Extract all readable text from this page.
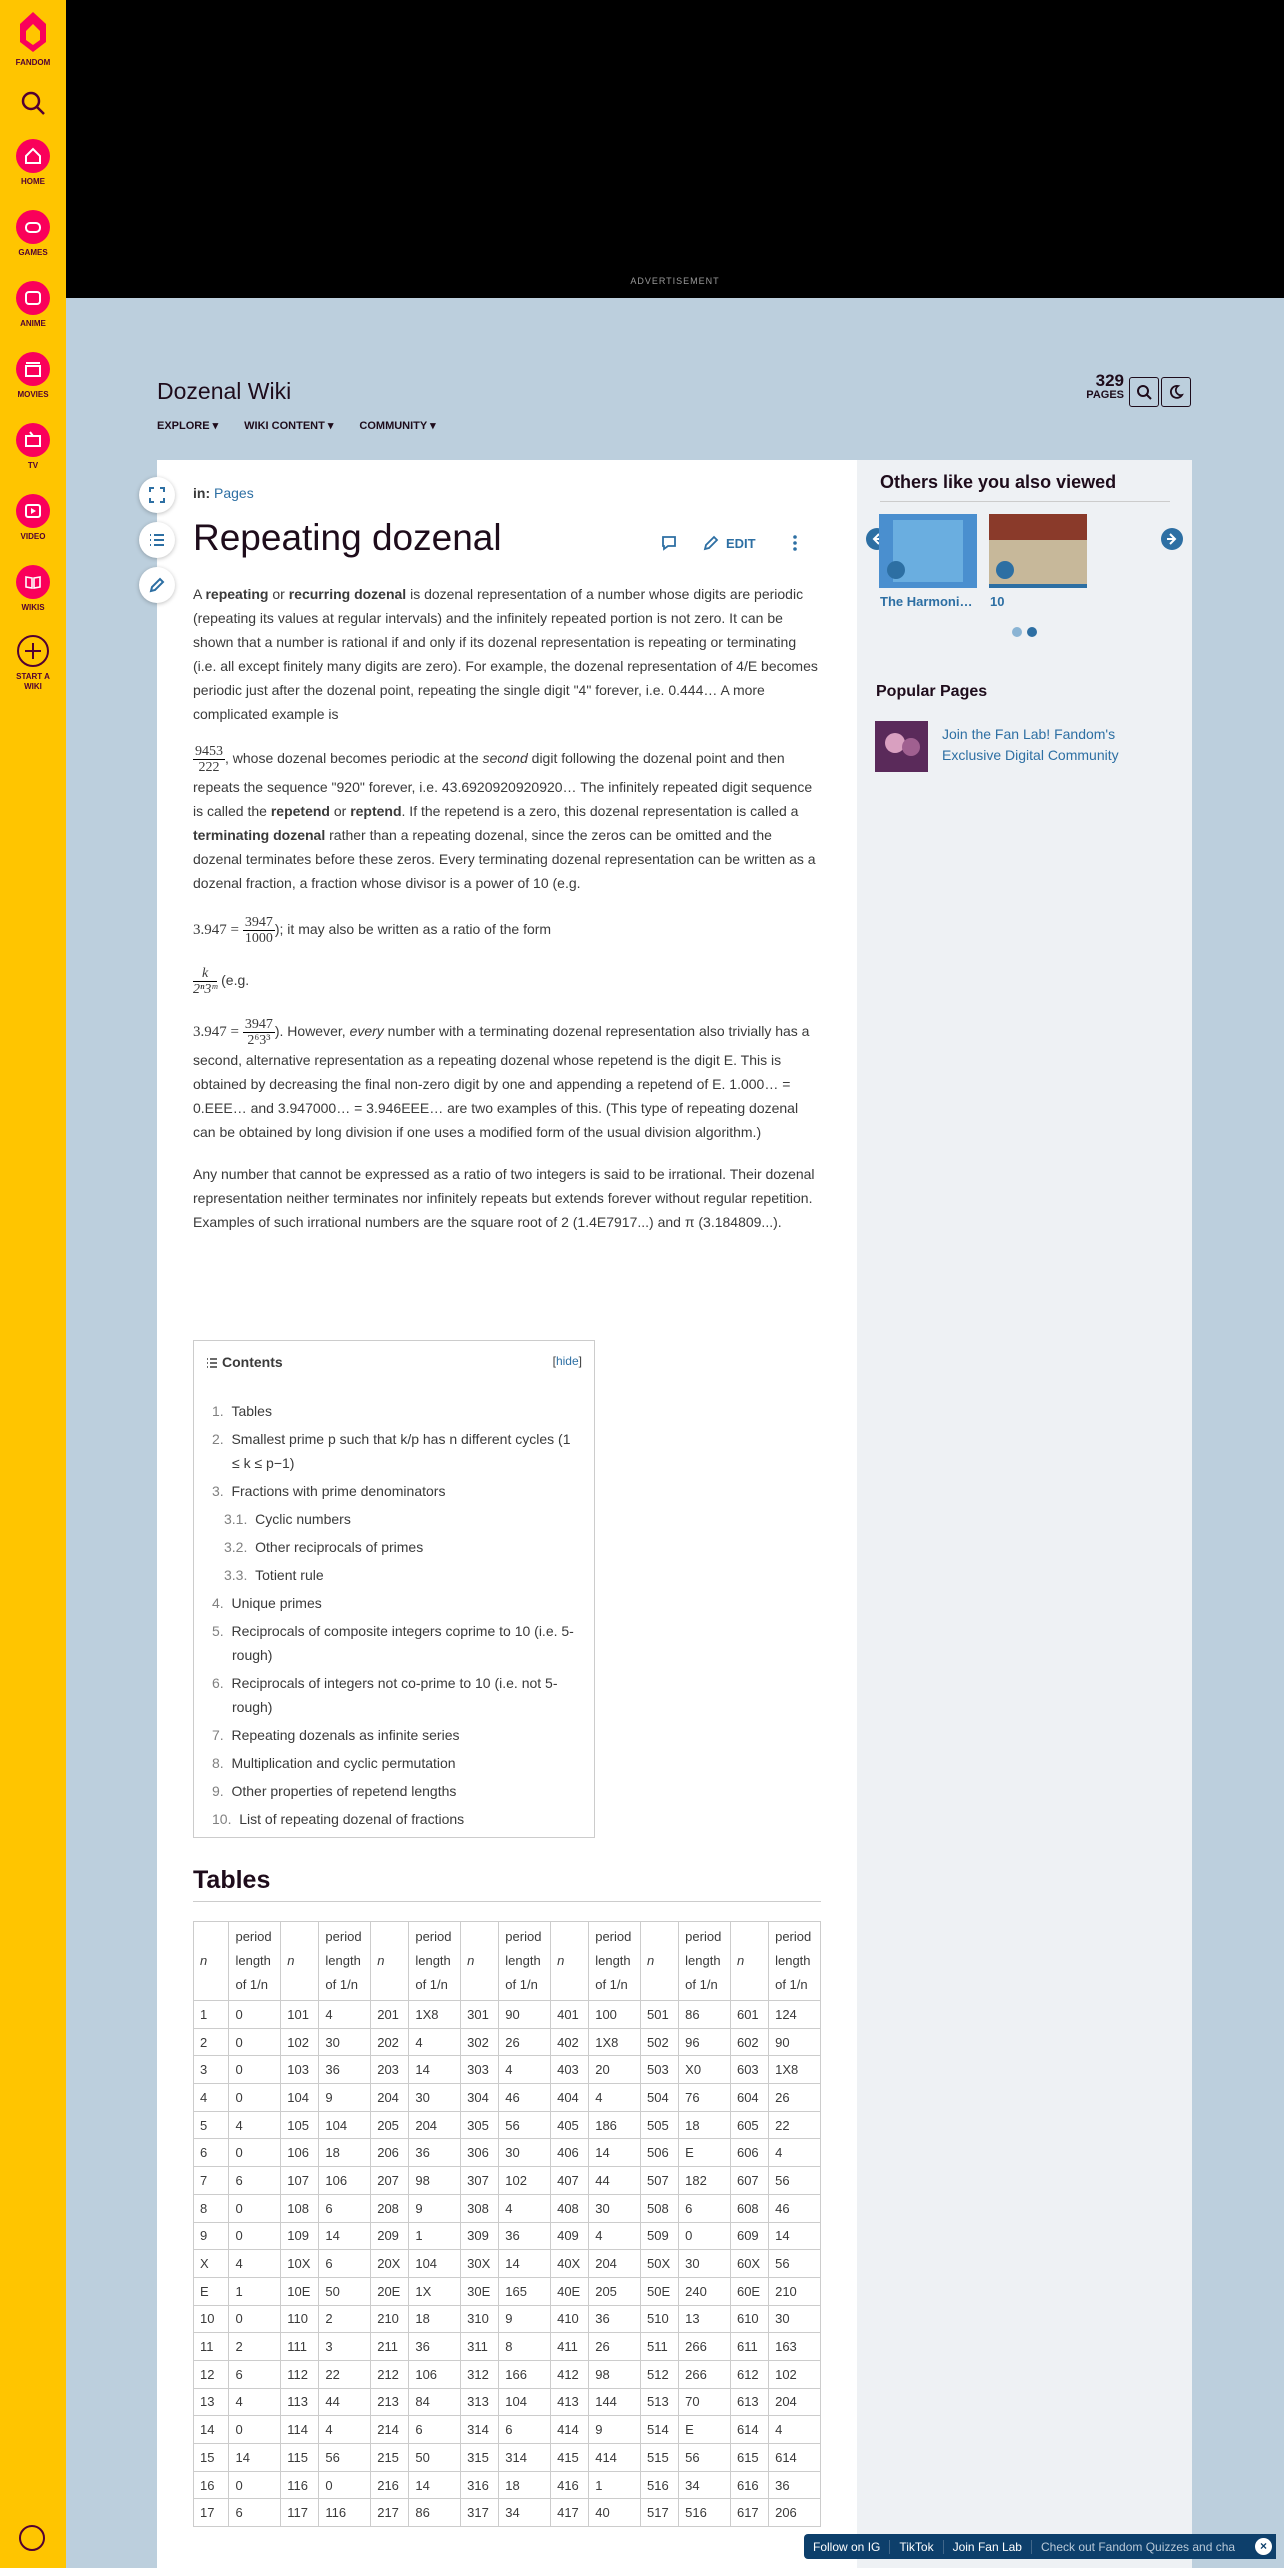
FANDOM
HOME
GAMES
ANIME
MOVIES
TV
VIDEO
WIKIS
START A WIKI
ADVERTISEMENT
Dozenal Wiki
EXPLORE ▾	WIKI CONTENT ▾	COMMUNITY ▾
329
PAGES
in: Pages
Repeating dozenal	EDIT

A repeating or recurring dozenal is dozenal representation of a number whose digits are periodic (repeating its values at regular intervals) and the infinitely repeated portion is not zero. It can be shown that a number is rational if and only if its dozenal representation is repeating or terminating (i.e. all except finitely many digits are zero). For example, the dozenal representation of 4/E becomes periodic just after the dozenal point, repeating the single digit "4" forever, i.e. 0.444… A more complicated example is

$\frac{9453}{222}$ , whose dozenal becomes periodic at the second digit following the dozenal point and then repeats the sequence "920" forever, i.e. 43.6920920920920… The infinitely repeated digit sequence is called the repetend or reptend. If the repetend is a zero, this dozenal representation is called a terminating dozenal rather than a repeating dozenal, since the zeros can be omitted and the dozenal terminates before these zeros. Every terminating dozenal representation can be written as a dozenal fraction, a fraction whose divisor is a power of 10 (e.g.

$3.947 = \frac{3947}{1000}$ ); it may also be written as a ratio of the form

$\frac{k}{\text{2ⁿ3ᵐ}} (e.g$.

$3.947 = \frac{3947}{\text{2⁶3³}}$ ). However, every number with a terminating dozenal representation also trivially has a second, alternative representation as a repeating dozenal whose repetend is the digit E. This is obtained by decreasing the final non-zero digit by one and appending a repetend of E. 1.000… = 0.EEE… and 3.947000… = 3.946EEE… are two examples of this. (This type of repeating dozenal can be obtained by long division if one uses a modified form of the usual division algorithm.)

Any number that cannot be expressed as a ratio of two integers is said to be irrational. Their dozenal representation neither terminates nor infinitely repeats but extends forever without regular repetition. Examples of such irrational numbers are the square root of 2 (1.4E7917...) and π (3.184809...).

Contents	[hide]
1. Tables
2. Smallest prime p such that k/p has n different cycles (1 ≤ k ≤ p−1)
3. Fractions with prime denominators
3.1. Cyclic numbers
3.2. Other reciprocals of primes
3.3. Totient rule
4. Unique primes
5. Reciprocals of composite integers coprime to 10 (i.e. 5-rough)
6. Reciprocals of integers not co-prime to 10 (i.e. not 5-rough)
7. Repeating dozenals as infinite series
8. Multiplication and cyclic permutation
9. Other properties of repetend lengths
10. List of repeating dozenal of fractions
Tables
n	period length of 1/n	n	period length of 1/n	n	period length of 1/n	n	period length of 1/n	n	period length of 1/n	n	period length of 1/n	n	period length of 1/n
1	0	101	4	201	1X8	301	90	401	100	501	86	601	124
2	0	102	30	202	4	302	26	402	1X8	502	96	602	90
3	0	103	36	203	14	303	4	403	20	503	X0	603	1X8
4	0	104	9	204	30	304	46	404	4	504	76	604	26
5	4	105	104	205	204	305	56	405	186	505	18	605	22
6	0	106	18	206	36	306	30	406	14	506	E	606	4
7	6	107	106	207	98	307	102	407	44	507	182	607	56
8	0	108	6	208	9	308	4	408	30	508	6	608	46
9	0	109	14	209	1	309	36	409	4	509	0	609	14
X	4	10X	6	20X	104	30X	14	40X	204	50X	30	60X	56
E	1	10E	50	20E	1X	30E	165	40E	205	50E	240	60E	210
10	0	110	2	210	18	310	9	410	36	510	13	610	30
11	2	111	3	211	36	311	8	411	26	511	266	611	163
12	6	112	22	212	106	312	166	412	98	512	266	612	102
13	4	113	44	213	84	313	104	413	144	513	70	613	204
14	0	114	4	214	6	314	6	414	9	514	E	614	4
15	14	115	56	215	50	315	314	415	414	515	56	615	614
16	0	116	0	216	14	316	18	416	1	516	34	616	36
17	6	117	116	217	86	317	34	417	40	517	516	617	206
Others like you also viewed
The Harmoni… 10
Popular Pages
Join the Fan Lab! Fandom's Exclusive Digital Community
Follow on IG	TikTok	Join Fan Lab	Check out Fandom Quizzes and cha	×
